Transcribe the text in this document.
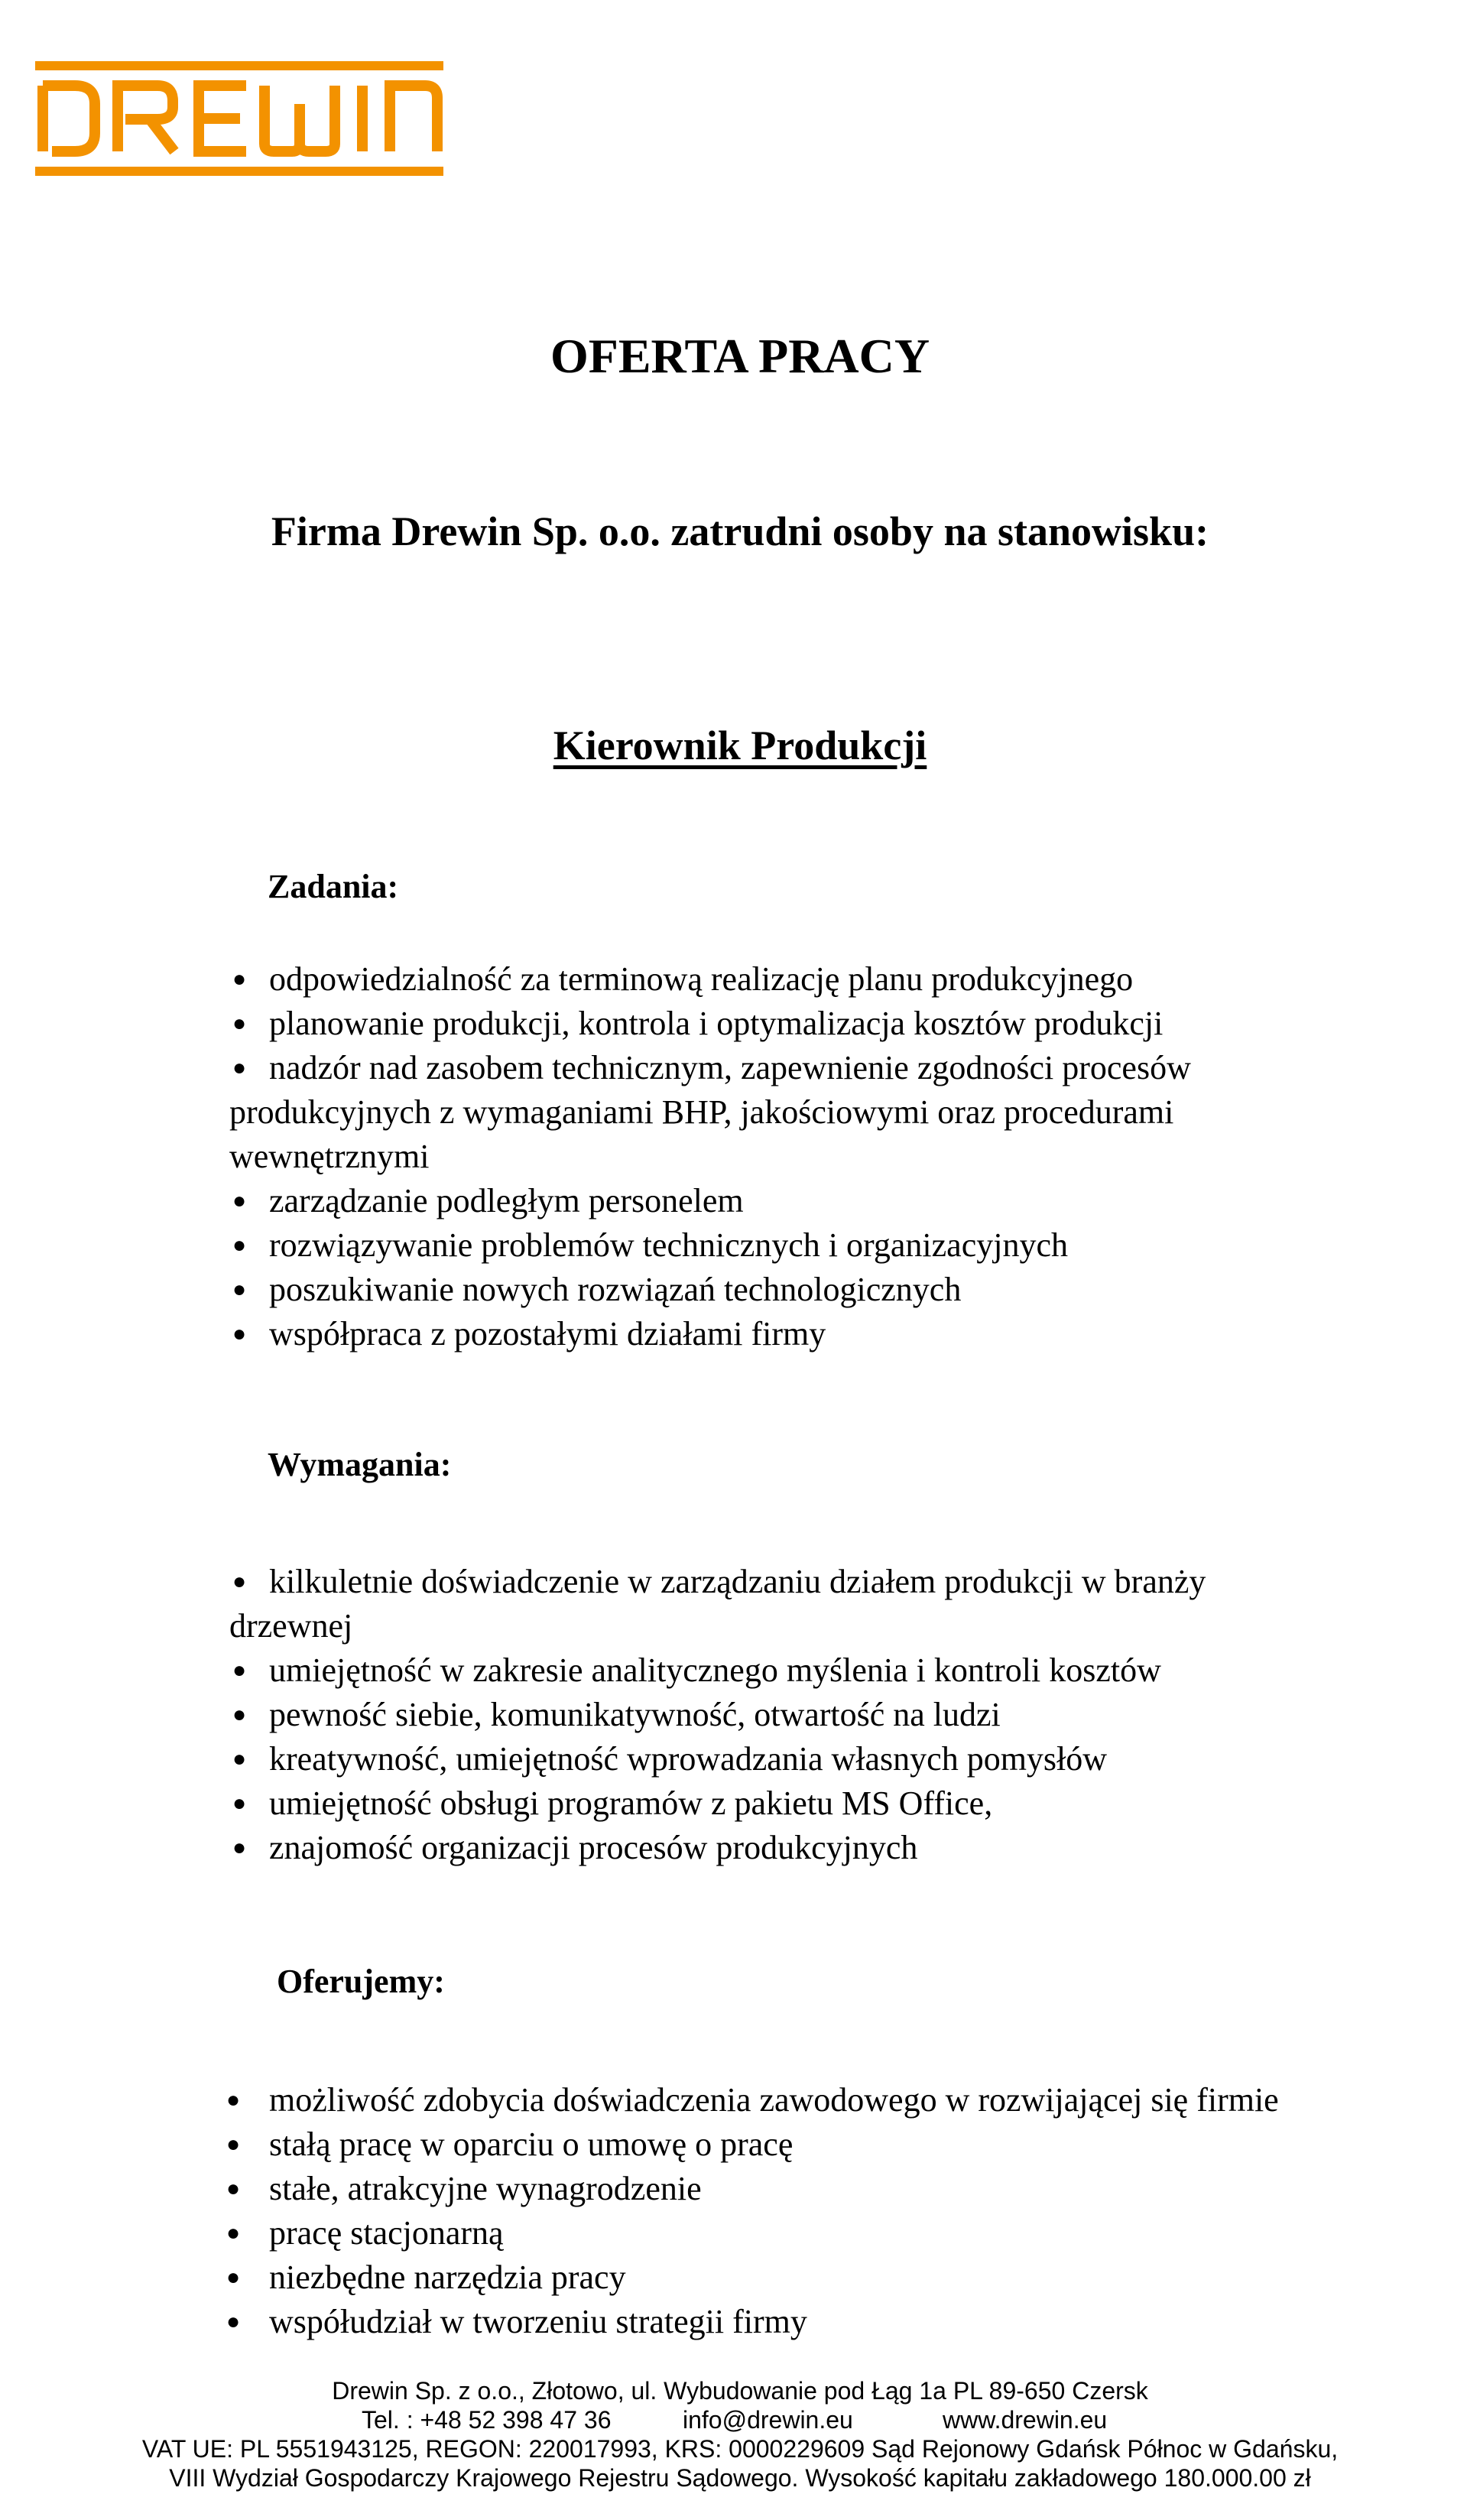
OFERTA PRACY
Firma Drewin Sp. o.o. zatrudni osoby na stanowisku:
Kierownik Produkcji
Zadania:
● odpowiedzialność za terminową realizację planu produkcyjnego
● planowanie produkcji, kontrola i optymalizacja kosztów produkcji
● nadzór nad zasobem technicznym, zapewnienie zgodności procesów
produkcyjnych z wymaganiami BHP, jakościowymi oraz procedurami
wewnętrznymi
● zarządzanie podległym personelem
● rozwiązywanie problemów technicznych i organizacyjnych
● poszukiwanie nowych rozwiązań technologicznych
● współpraca z pozostałymi działami firmy
Wymagania:
● kilkuletnie doświadczenie w zarządzaniu działem produkcji w branży
drzewnej
● umiejętność w zakresie analitycznego myślenia i kontroli kosztów
● pewność siebie, komunikatywność, otwartość na ludzi
● kreatywność, umiejętność wprowadzania własnych pomysłów
● umiejętność obsługi programów z pakietu MS Office,
● znajomość organizacji procesów produkcyjnych
Oferujemy:
● możliwość zdobycia doświadczenia zawodowego w rozwijającej się firmie
● stałą pracę w oparciu o umowę o pracę
● stałe, atrakcyjne wynagrodzenie
● pracę stacjonarną
● niezbędne narzędzia pracy
● współudział w tworzeniu strategii firmy
Drewin Sp. z o.o., Złotowo, ul. Wybudowanie pod Łąg 1a PL 89-650 Czersk
Tel. : +48 52 398 47 36	info@drewin.eu	www.drewin.eu
VAT UE: PL 5551943125, REGON: 220017993, KRS: 0000229609 Sąd Rejonowy Gdańsk Północ w Gdańsku,
VIII Wydział Gospodarczy Krajowego Rejestru Sądowego. Wysokość kapitału zakładowego 180.000.00 zł
